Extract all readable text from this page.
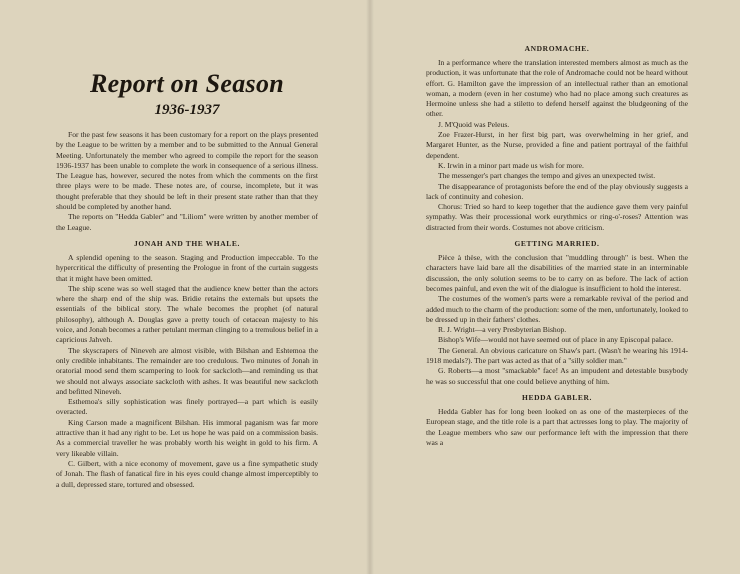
Report on Season
1936-1937

For the past few seasons it has been customary for a report on the plays presented by the League to be written by a member and to be submitted to the Annual General Meeting. Unfortunately the member who agreed to compile the report for the season 1936-1937 has been unable to complete the work in consequence of a serious illness. The League has, however, secured the notes from which the comments on the first three plays were to be made. These notes are, of course, incomplete, but it was thought preferable that they should be left in their present state rather than that they should be completed by another hand.

The reports on "Hedda Gabler" and "Liliom" were written by another member of the League.

JONAH AND THE WHALE.

A splendid opening to the season. Staging and Production impeccable. To the hypercritical the difficulty of presenting the Prologue in front of the curtain suggests that it might have been omitted.

The ship scene was so well staged that the audience knew better than the actors where the sharp end of the ship was. Bridie retains the externals but upsets the essentials of the biblical story. The whale becomes the prophet (of natural philosophy), although A. Douglas gave a pretty touch of cetacean majesty to his voice, and Jonah becomes a rather petulant merman clinging to a tremulous belief in a capricious Jahveh.

The skyscrapers of Nineveh are almost visible, with Bilshan and Eshtemoa the only credible inhabitants. The remainder are too credulous. Two minutes of Jonah in oratorial mood send them scampering to look for sackcloth—and reminding us that we should not always associate sackcloth with ashes. It was beautiful new sackcloth and befitted Nineveh.

Esthemoa's silly sophistication was finely portrayed—a part which is easily overacted.

King Carson made a magnificent Bilshan. His immoral paganism was far more attractive than it had any right to be. Let us hope he was paid on a commission basis. As a commercial traveller he was probably worth his weight in gold to his firm. A very likeable villain.

C. Gilbert, with a nice economy of movement, gave us a fine sympathetic study of Jonah. The flash of fanatical fire in his eyes could change almost imperceptibly to a dull, depressed stare, tortured and obsessed.

ANDROMACHE.

In a performance where the translation interested members almost as much as the production, it was unfortunate that the role of Andromache could not be heard without effort. G. Hamilton gave the impression of an intellectual rather than an emotional woman, a modern (even in her costume) who had no place among such creatures as Hermoine unless she had a stiletto to defend herself against the bludgeoning of the other.

J. M'Quoid was Peleus.

Zoe Frazer-Hurst, in her first big part, was overwhelming in her grief, and Margaret Hunter, as the Nurse, provided a fine and patient portrayal of the faithful dependent.

K. Irwin in a minor part made us wish for more.

The messenger's part changes the tempo and gives an unexpected twist.

The disappearance of protagonists before the end of the play obviously suggests a lack of continuity and cohesion.

Chorus: Tried so hard to keep together that the audience gave them very painful sympathy. Was their processional work eurythmics or ring-o'-roses? Attention was distracted from their words. Costumes not above criticism.

GETTING MARRIED.

Pièce à thèse, with the conclusion that "muddling through" is best. When the characters have laid bare all the disabilities of the married state in an interminable discussion, the only solution seems to be to carry on as before. The lack of action becomes painful, and even the wit of the dialogue is insufficient to hold the interest.

The costumes of the women's parts were a remarkable revival of the period and added much to the charm of the production: some of the men, unfortunately, looked to be dressed up in their fathers' clothes.

R. J. Wright—a very Presbyterian Bishop.

Bishop's Wife—would not have seemed out of place in any Episcopal palace.

The General. An obvious caricature on Shaw's part. (Wasn't he wearing his 1914-1918 medals?). The part was acted as that of a "silly soldier man."

G. Roberts—a most "smackable" face! As an impudent and detestable busybody he was so successful that one could believe anything of him.

HEDDA GABLER.

Hedda Gabler has for long been looked on as one of the masterpieces of the European stage, and the title role is a part that actresses long to play. The majority of the League members who saw our performance left with the impression that there was a
